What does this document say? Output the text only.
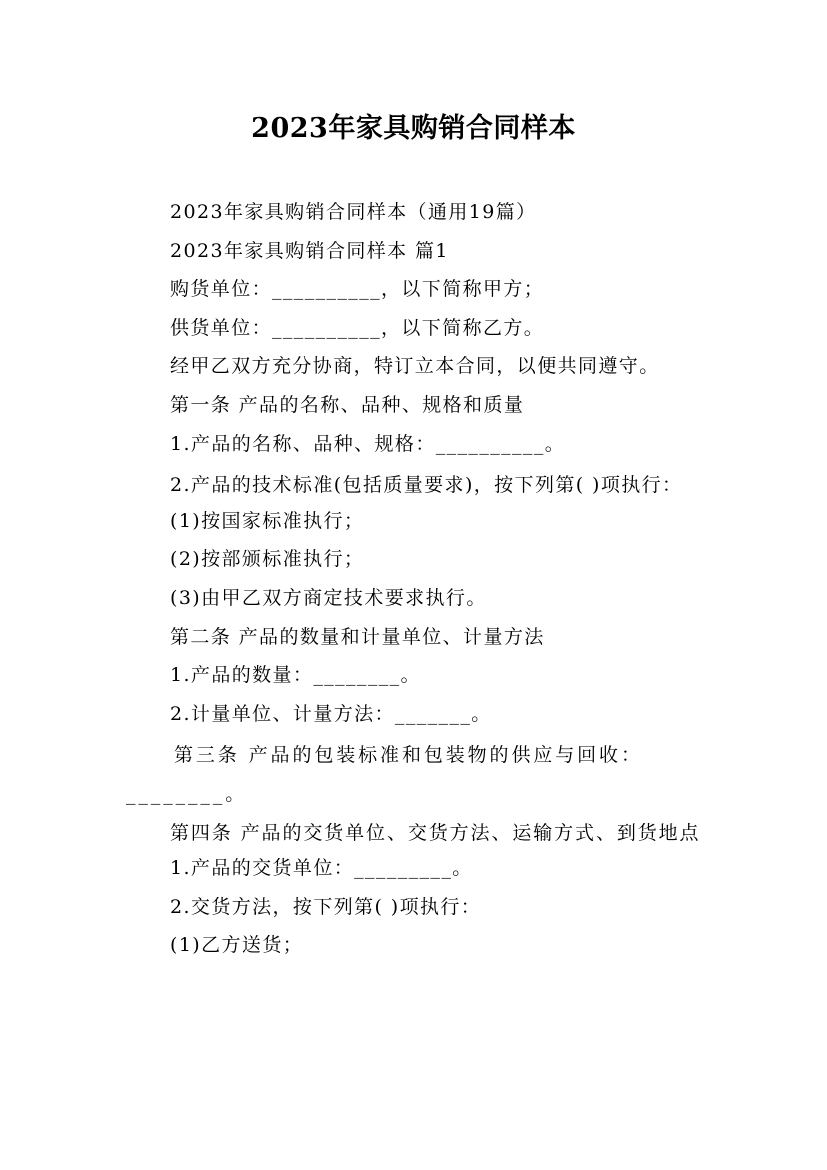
2023年家具购销合同样本
2023年家具购销合同样本（通用19篇）
2023年家具购销合同样本 篇1
购货单位：__________，以下简称甲方；
供货单位：__________，以下简称乙方。
经甲乙双方充分协商，特订立本合同，以便共同遵守。
第一条 产品的名称、品种、规格和质量
1.产品的名称、品种、规格：__________。

2.产品的技术标准(包括质量要求)，按下列第( )项执行：

(1)按国家标准执行；
(2)按部颁标准执行；
(3)由甲乙双方商定技术要求执行。
第二条 产品的数量和计量单位、计量方法
1.产品的数量：________。
2.计量单位、计量方法：_______。

第三条 产品的包装标准和包装物的供应与回收：________。

第四条 产品的交货单位、交货方法、运输方式、到货地点

1.产品的交货单位：_________。
2.交货方法，按下列第( )项执行：
(1)乙方送货；
